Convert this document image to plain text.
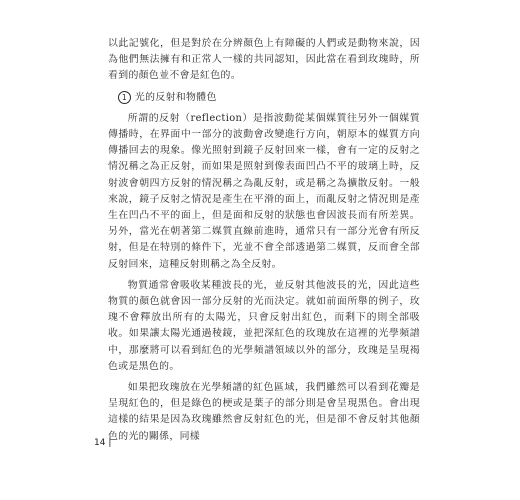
以此記號化，但是對於在分辨顏色上有障礙的人們或是動物來說，因為他們無法擁有和正常人一樣的共同認知，因此當在看到玫瑰時，所看到的顏色並不會是紅色的。

1 光的反射和物體色

所謂的反射（reflection）是指波動從某個媒質往另外一個媒質傳播時，在界面中一部分的波動會改變進行方向，朝原本的媒質方向傳播回去的現象。像光照射到鏡子反射回來一樣，會有一定的反射之情況稱之為正反射，而如果是照射到像表面凹凸不平的玻璃上時，反射波會朝四方反射的情況稱之為亂反射，或是稱之為擴散反射。一般來說，鏡子反射之情況是產生在平滑的面上，而亂反射之情況則是產生在凹凸不平的面上，但是面和反射的狀態也會因波長而有所差異。另外，當光在朝著第二媒質直線前進時，通常只有一部分光會有所反射，但是在特別的條件下，光並不會全部透過第二媒質，反而會全部反射回來，這種反射則稱之為全反射。

物質通常會吸收某種波長的光，並反射其他波長的光，因此這些物質的顏色就會因一部分反射的光而決定。就如前面所舉的例子，玫瑰不會釋放出所有的太陽光，只會反射出紅色，而剩下的則全部吸收。如果讓太陽光通過稜鏡，並把深紅色的玫瑰放在這裡的光學頻譜中，那麼將可以看到紅色的光學頻譜領域以外的部分，玫瑰是呈現褐色或是黑色的。

如果把玫瑰放在光學頻譜的紅色區域，我們雖然可以看到花瓣是呈現紅色的，但是綠色的梗或是葉子的部分則是會呈現黑色。會出現這樣的結果是因為玫瑰雖然會反射紅色的光，但是卻不會反射其他顏色的光的關係，同樣

14 |
